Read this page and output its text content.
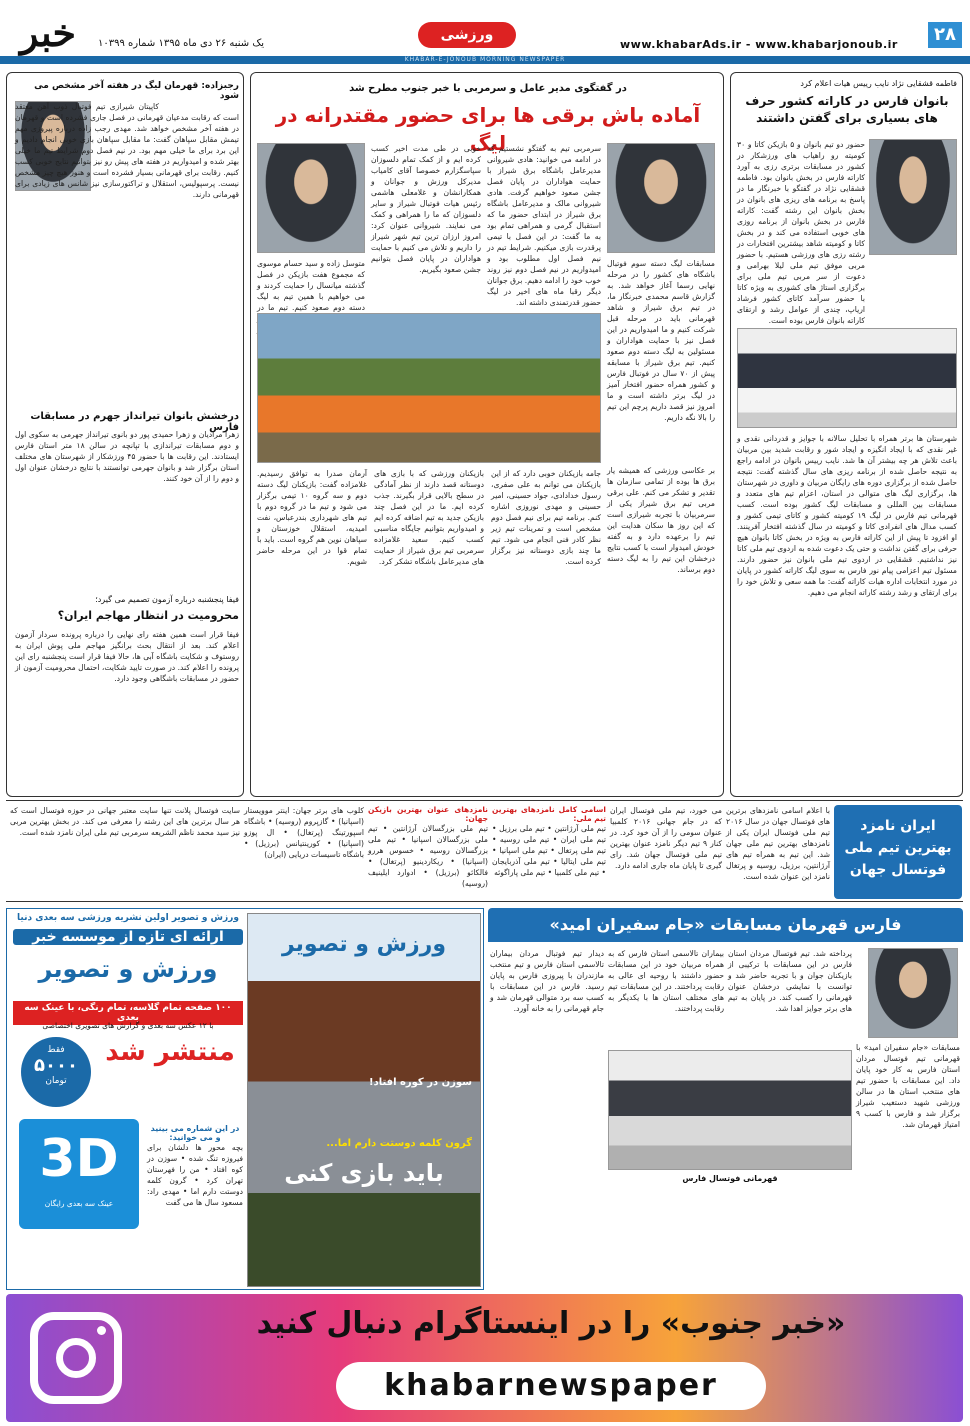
۲۸
www.khabarAds.ir - www.khabarjonoub.ir
ورزشی
یک شنبه ۲۶ دی ماه ۱۳۹۵ شماره ۱۰۳۹۹
خبر
KHABAR-E-JONOUB MORNING NEWSPAPER
فاطمه قشقایی نژاد نایب رییس هیات اعلام کرد
بانوان فارس در کاراته کشور حرف های بسیاری برای گفتن داشتند
حضور دو تیم بانوان و ۵ بازیکن کاتا و ۳۰ کومیته رو راهیاب های ورزشکار در کشور در مسابقات برتری رزی به آورد کاراته فارس در بخش بانوان بود. فاطمه قشقایی نژاد در گفتگو با خبرنگار ما در پاسخ به برنامه های ریزی های بانوان در بخش بانوان این رشته گفت: کاراته فارس در بخش بانوان از برنامه روزی های خوبی استفاده می کند و در بخش کاتا و کومیته شاهد بیشترین افتخارات در رشته رزی های ورزشی هستیم. با حضور مربی موفق تیم ملی لیلا بهرامی و دعوت از سر مربی تیم ملی برای برگزاری استاژ های کشوری به ویژه کاتا با حضور سرآمد کاتای کشور فرشاد اریاپ، چندی از عوامل رشد و ارتقای کاراته بانوان فارس بوده است.
شهرستان ها برتر همراه با تحلیل سالانه با جوایز و قدردانی نقدی و غیر نقدی که با ایجاد انگیزه و ایجاد شور و رقابت شدید بین مربیان باعث تلاش هر چه بیشتر آن ها شد. نایب رییس بانوان در ادامه راجع به نتیجه حاصل شده از برنامه ریزی های سال گذشته گفت: نتیجه حاصل شده از برگزاری دوره های رایگان مربیان و داوری در شهرستان ها، برگزاری لیگ های متوالی در استان، اعزام تیم های متعدد و مسابقات بین المللی و مسابقات لیگ کشور بوده است. کسب قهرمانی تیم فارس در لیگ ۱۹ کومیته کشور و کاتای تیمی کشور و کسب مدال های انفرادی کاتا و کومیته در سال گذشته افتخار آفرینند. او افزود تا پیش از این کاراته فارس به ویژه در بخش کاتا بانوان هیچ حرفی برای گفتن نداشت و حتی یک دعوت شده به اردوی تیم ملی کاتا نیز نداشتیم. قشقایی در اردوی تیم ملی بانوان نیز حضور دارند. مسئول تیم اعزامی پیام نور فارس به سوی لیگ کاراته کشور در پایان در مورد انتخابات اداره هیات کاراته گفت: ما همه سعی و تلاش خود را برای ارتقای و رشد رشته کاراته انجام می دهیم.
در گفتگوی مدیر عامل و سرمربی با خبر جنوب مطرح شد
آماده باش برقی ها برای حضور مقتدرانه در لیگ
سرمربی تیم به گفتگو نشستیم که در ادامه می خوانید: هادی شیروانی مدیرعامل باشگاه برق شیراز با حمایت هواداران در پایان فصل جشن صعود خواهیم گرفت. هادی شیروانی مالک و مدیرعامل باشگاه برق شیراز در ابتدای حضور ما که استقبال گرمی و همراهی تمام بود به ما گفت: در این فصل با تیمی پرقدرت بازی میکنیم. شرایط تیم در نیم فصل اول مطلوب بود و امیدواریم در نیم فصل دوم نیز روند خوب خود را ادامه دهیم. برق جوانان دیگر رقبا ماه های اخیر در لیگ حضور قدرتمندی داشته اند.
مسابقات لیگ دسته سوم فوتبال باشگاه های کشور را در مرحله نهایی رسما آغاز خواهد شد. به گزارش قاسم محمدی خبرنگار ما، در تیم برق شیراز و شاهد قهرمانی باید در مرحله قبل شرکت کنیم و ما امیدواریم در این فصل نیز با حمایت هواداران و مسئولین به لیگ دسته دوم صعود کنیم. تیم برق شیراز با مسابقه پیش از ۷۰ سال در فوتبال فارس و کشور همراه حضور افتخار آمیز در لیگ برتر داشته است و ما امروز نیز قصد داریم پرچم این تیم را بالا نگه داریم.
خوبی در طی مدت اخیر کسب کرده ایم و از کمک تمام دلسوزان سپاسگزارم خصوصا آقای کامیاب مدیرکل ورزش و جوانان و همکارانشان و غلامعلی هاشمی رئیس هیات فوتبال شیراز و سایر دلسوزان که ما را همراهی و کمک می نمایند. شیروانی عنوان کرد: امروز ارزان ترین تیم شهر شیراز را داریم و تلاش می کنیم با حمایت هواداران در پایان فصل بتوانیم جشن صعود بگیریم.
متوسل زاده و سید حسام موسوی که مجموع هفت بازیکن در فصل گذشته میانسال را حمایت کردند و می خواهیم با همین تیم به لیگ دسته دوم صعود کنیم. تیم ما در
بر عکاسی ورزشی که همیشه یار برق ها بوده از تمامی سازمان ها تقدیر و تشکر می کنم. علی برقی مربی تیم برق شیراز یکی از سرمربیان با تجربه شیرازی است که این روز ها سکان هدایت این تیم را برعهده دارد و به گفته خودش امیدوار است با کسب نتایج درخشان این تیم را به لیگ دسته دوم برساند.
جامه بازیکنان خوبی دارد که از این بازیکنان می توانم به علی صفری، رسول خدادادی، جواد حسینی، امیر حسینی و مهدی نوروزی اشاره کنم. برنامه تیم برای نیم فصل دوم مشخص است و تمرینات تیم زیر نظر کادر فنی انجام می شود. تیم ما چند بازی دوستانه نیز برگزار کرده است.
بازیکنان ورزشی که با بازی های دوستانه قصد دارند از نظر آمادگی در سطح بالایی قرار بگیرند. جذب کرده ایم. ما در این فصل چند بازیکن جدید به تیم اضافه کرده ایم و امیدواریم بتوانیم جایگاه مناسبی کسب کنیم. سعید غلامزاده سرمربی تیم برق شیراز از حمایت های مدیرعامل باشگاه تشکر کرد.
آرمان صدرا به توافق رسیدیم. غلامزاده گفت: بازیکنان لیگ دسته دوم و سه گروه ۱۰ تیمی برگزار می شود و تیم ما در گروه دوم با تیم های شهرداری بندرعباس، نفت امیدیه، استقلال خوزستان و سپاهان نوین هم گروه است. باید با تمام قوا در این مرحله حاضر شویم.
رجبزاده: قهرمان لیگ در هفته آخر مشخص می شود
کاپیتان شیرازی تیم فوتبال ذوب آهن معتقد است که رقابت مدعیان قهرمانی در فصل جاری فشرده است و قهرمان در هفته آخر مشخص خواهد شد. مهدی رجب زاده درباره پیروزی مهم تیمش مقابل سپاهان گفت: ما مقابل سپاهان بازی خوبی انجام دادیم و این برد برای ما خیلی مهم بود. در نیم فصل دوم شرایط تیم ما خیلی بهتر شده و امیدواریم در هفته های پیش رو نیز بتوانیم نتایج خوبی کسب کنیم. رقابت برای قهرمانی بسیار فشرده است و هنوز هیچ چیز مشخص نیست. پرسپولیس، استقلال و تراکتورسازی نیز شانس های زیادی برای قهرمانی دارند.
درخشش بانوان تیرانداز جهرم در مسابقات فارس
زهرا مرادیان و زهرا حمیدی پور دو بانوی تیرانداز جهرمی به سکوی اول و دوم مسابقات تیراندازی با تپانچه در سالن ۱۸ متر استان فارس ایستادند. این رقابت ها با حضور ۴۵ ورزشکار از شهرستان های مختلف استان برگزار شد و بانوان جهرمی توانستند با نتایج درخشان عنوان اول و دوم را از آن خود کنند.
فیفا پنجشنبه درباره آزمون تصمیم می گیرد؛
محرومیت در انتظار مهاجم ایران؟
فیفا قرار است همین هفته رای نهایی را درباره پرونده سردار آزمون اعلام کند. بعد از انتقال بحث برانگیز مهاجم ملی پوش ایران به روستوف و شکایت باشگاه آبی ها، حالا فیفا قرار است پنجشنبه رای این پرونده را اعلام کند. در صورت تایید شکایت، احتمال محرومیت آزمون از حضور در مسابقات باشگاهی وجود دارد.
ایران نامزد بهترین تیم ملی فوتسال جهان
با اعلام اسامی نامزدهای برترین های فوتسال جهان در سال ۲۰۱۶ تیم ملی فوتسال ایران یکی از نامزدهای بهترین تیم ملی جهان شد. این تیم به همراه تیم های آرژانتین، برزیل، روسیه و پرتغال نامزد این عنوان شده است.
می خورد، تیم ملی فوتسال ایران که در جام جهانی ۲۰۱۶ کلمبیا عنوان سومی را از آن خود کرد. در کنار ۹ تیم دیگر نامزد عنوان بهترین تیم ملی فوتسال جهان شد. رای گیری تا پایان ماه جاری ادامه دارد.
اسامی کامل نامزدهای بهترین تیم ملی:
تیم ملی آرژانتین • تیم ملی برزیل • تیم ملی ایران • تیم ملی روسیه • تیم ملی پرتغال • تیم ملی اسپانیا • تیم ملی ایتالیا • تیم ملی آذربایجان • تیم ملی کلمبیا • تیم ملی پاراگوئه
نامزدهای عنوان بهترین بازیکن جهان:
تیم ملی بزرگسالان آرژانتین • تیم ملی بزرگسالان اسپانیا • تیم ملی بزرگسالان روسیه • خسوس هررو (اسپانیا) • ریکاردینیو (پرتغال) • فالکائو (برزیل) • ادوارد ایلینیف (روسیه)
کلوب های برتر جهان: اینتر موویستار (اسپانیا) • گازپروم (روسیه) • باشگاه اسپورتینگ (پرتغال) • ال پوزو (اسپانیا) • کورینتیانس (برزیل) • باشگاه تاسیسات دریایی (ایران)
سایت فوتسال پلانت تنها سایت معتبر جهانی در حوزه فوتسال است که هر سال برترین های این رشته را معرفی می کند. در بخش بهترین مربی نیز سید محمد ناظم الشریعه سرمربی تیم ملی ایران نامزد شده است.
فارس قهرمان مسابقات «جام سفیران امید»
مسابقات «جام سفیران امید» با قهرمانی تیم فوتسال مردان استان فارس به کار خود پایان داد. این مسابقات با حضور تیم های منتخب استان ها در سالن ورزشی شهید دستغیب شیراز برگزار شد و فارس با کسب ۹ امتیاز قهرمان شد.
پرداخته شد. تیم فوتسال مردان استان فارس در این مسابقات با ترکیبی از بازیکنان جوان و با تجربه حاضر شد و توانست با نمایشی درخشان عنوان قهرمانی را کسب کند. در پایان به تیم های برتر جوایز اهدا شد.
قهرمانی فوتسال فارس
بیماران تالاسمی استان فارس که به همراه مربیان خود در این مسابقات حضور داشتند با روحیه ای عالی به رقابت پرداختند. در این مسابقات تیم های مختلف استان ها با یکدیگر به رقابت پرداختند.
دیدار تیم فوتبال مردان بیماران تالاسمی استان فارس و تیم منتخب مازندران با پیروزی فارس به پایان رسید. فارس در این مسابقات با کسب سه برد متوالی قهرمان شد و جام قهرمانی را به خانه آورد.
ورزش و تصویر اولین نشریه ورزشی سه بعدی دنیا
ارائه ای تازه از موسسه خبر
ورزش و تصویر
۱۰۰ صفحه تمام گلاسه، تمام رنگی، با عینک سه بعدی
با ۱۲ عکس سه بعدی و گزارش های تصویری اختصاصی
منتشر شد
فقط
۵۰۰۰
تومان
3D
عینک سه بعدی رایگان
در این شماره می بینید و می خوانید:
بچه محور ها دلشان برای فیروزه تنگ شده • سوزن در کوه افتاد • من را فهرستان تهران کرد • گرون کلمه دوستت دارم اما • مهدی راد: مسعود سال ها می گفت
ورزش و تصویر
سوزن در کوره افتاد!
گرون کلمه دوستت دارم اما...
باید بازی کنی
«خبر جنوب» را در اینستاگرام دنبال کنید
khabarnewspaper
